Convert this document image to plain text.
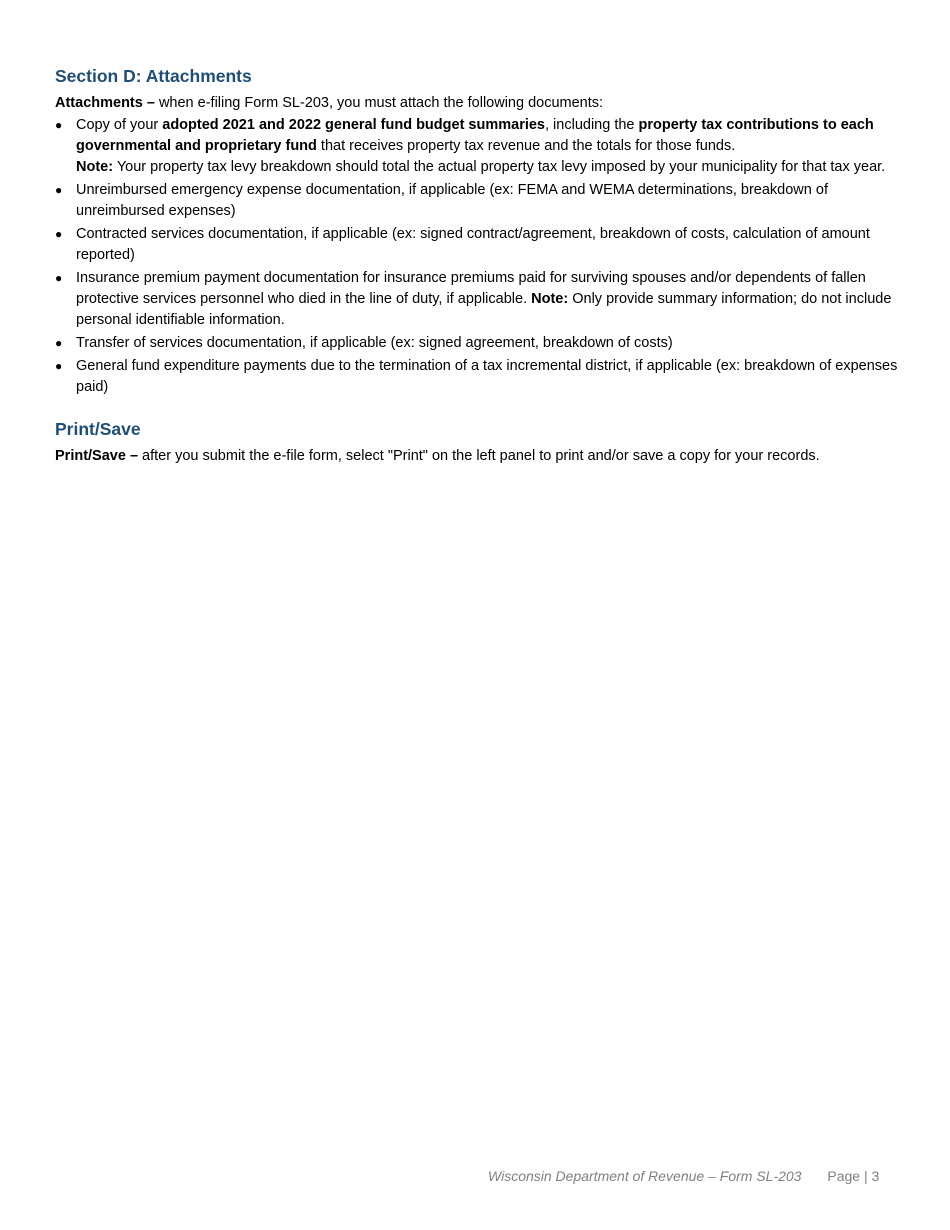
Section D: Attachments

Attachments – when e-filing Form SL-203, you must attach the following documents:

● Copy of your adopted 2021 and 2022 general fund budget summaries, including the property tax contributions to each governmental and proprietary fund that receives property tax revenue and the totals for those funds.
Note: Your property tax levy breakdown should total the actual property tax levy imposed by your municipality for that tax year.
● Unreimbursed emergency expense documentation, if applicable (ex: FEMA and WEMA determinations, breakdown of unreimbursed expenses)
● Contracted services documentation, if applicable (ex: signed contract/agreement, breakdown of costs, calculation of amount reported)
● Insurance premium payment documentation for insurance premiums paid for surviving spouses and/or dependents of fallen protective services personnel who died in the line of duty, if applicable. Note: Only provide summary information; do not include personal identifiable information.
● Transfer of services documentation, if applicable (ex: signed agreement, breakdown of costs)
● General fund expenditure payments due to the termination of a tax incremental district, if applicable (ex: breakdown of expenses paid)
Print/Save

Print/Save – after you submit the e-file form, select "Print" on the left panel to print and/or save a copy for your records.

Wisconsin Department of Revenue – Form SL-203 Page | 3
